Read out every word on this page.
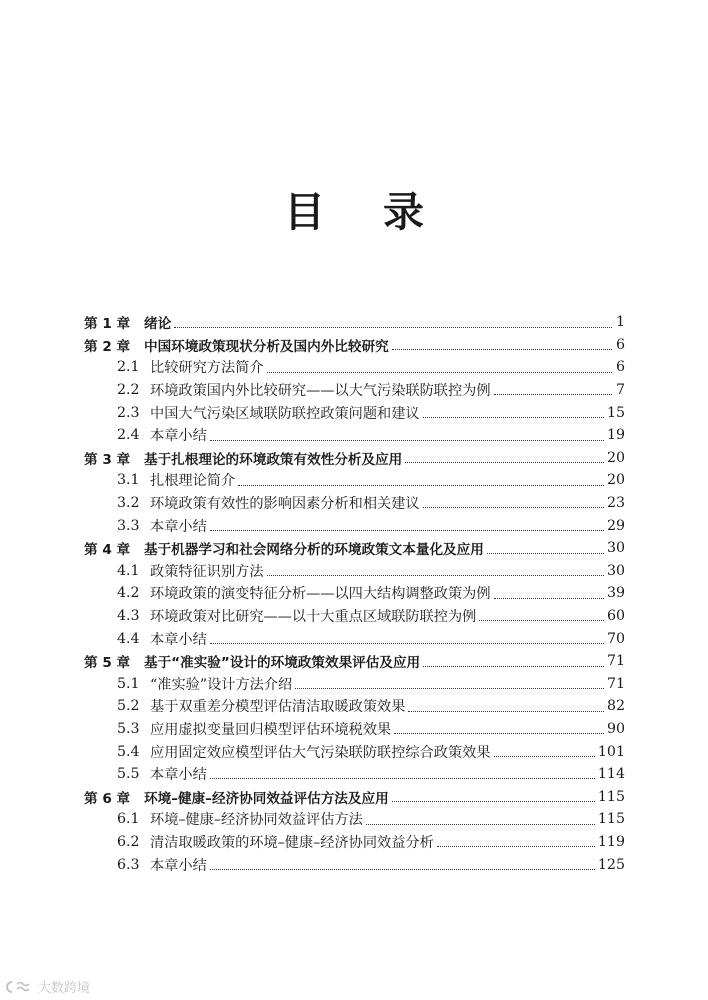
目 录
第 1 章	绪论	1
第 2 章	中国环境政策现状分析及国内外比较研究	6
2.1 比较研究方法简介	6
2.2 环境政策国内外比较研究——以大气污染联防联控为例	7
2.3 中国大气污染区域联防联控政策问题和建议	15
2.4 本章小结	19
第 3 章	基于扎根理论的环境政策有效性分析及应用	20
3.1 扎根理论简介	20
3.2 环境政策有效性的影响因素分析和相关建议	23
3.3 本章小结	29
第 4 章	基于机器学习和社会网络分析的环境政策文本量化及应用	30
4.1 政策特征识别方法	30
4.2 环境政策的演变特征分析——以四大结构调整政策为例	39
4.3 环境政策对比研究——以十大重点区域联防联控为例	60
4.4 本章小结	70
第 5 章	基于“准实验”设计的环境政策效果评估及应用	71
5.1 “准实验”设计方法介绍	71
5.2 基于双重差分模型评估清洁取暖政策效果	82
5.3 应用虚拟变量回归模型评估环境税效果	90
5.4 应用固定效应模型评估大气污染联防联控综合政策效果	101
5.5 本章小结	114
第 6 章	环境–健康–经济协同效益评估方法及应用	115
6.1 环境–健康–经济协同效益评估方法	115
6.2 清洁取暖政策的环境–健康–经济协同效益分析	119
6.3 本章小结	125
大数跨境
